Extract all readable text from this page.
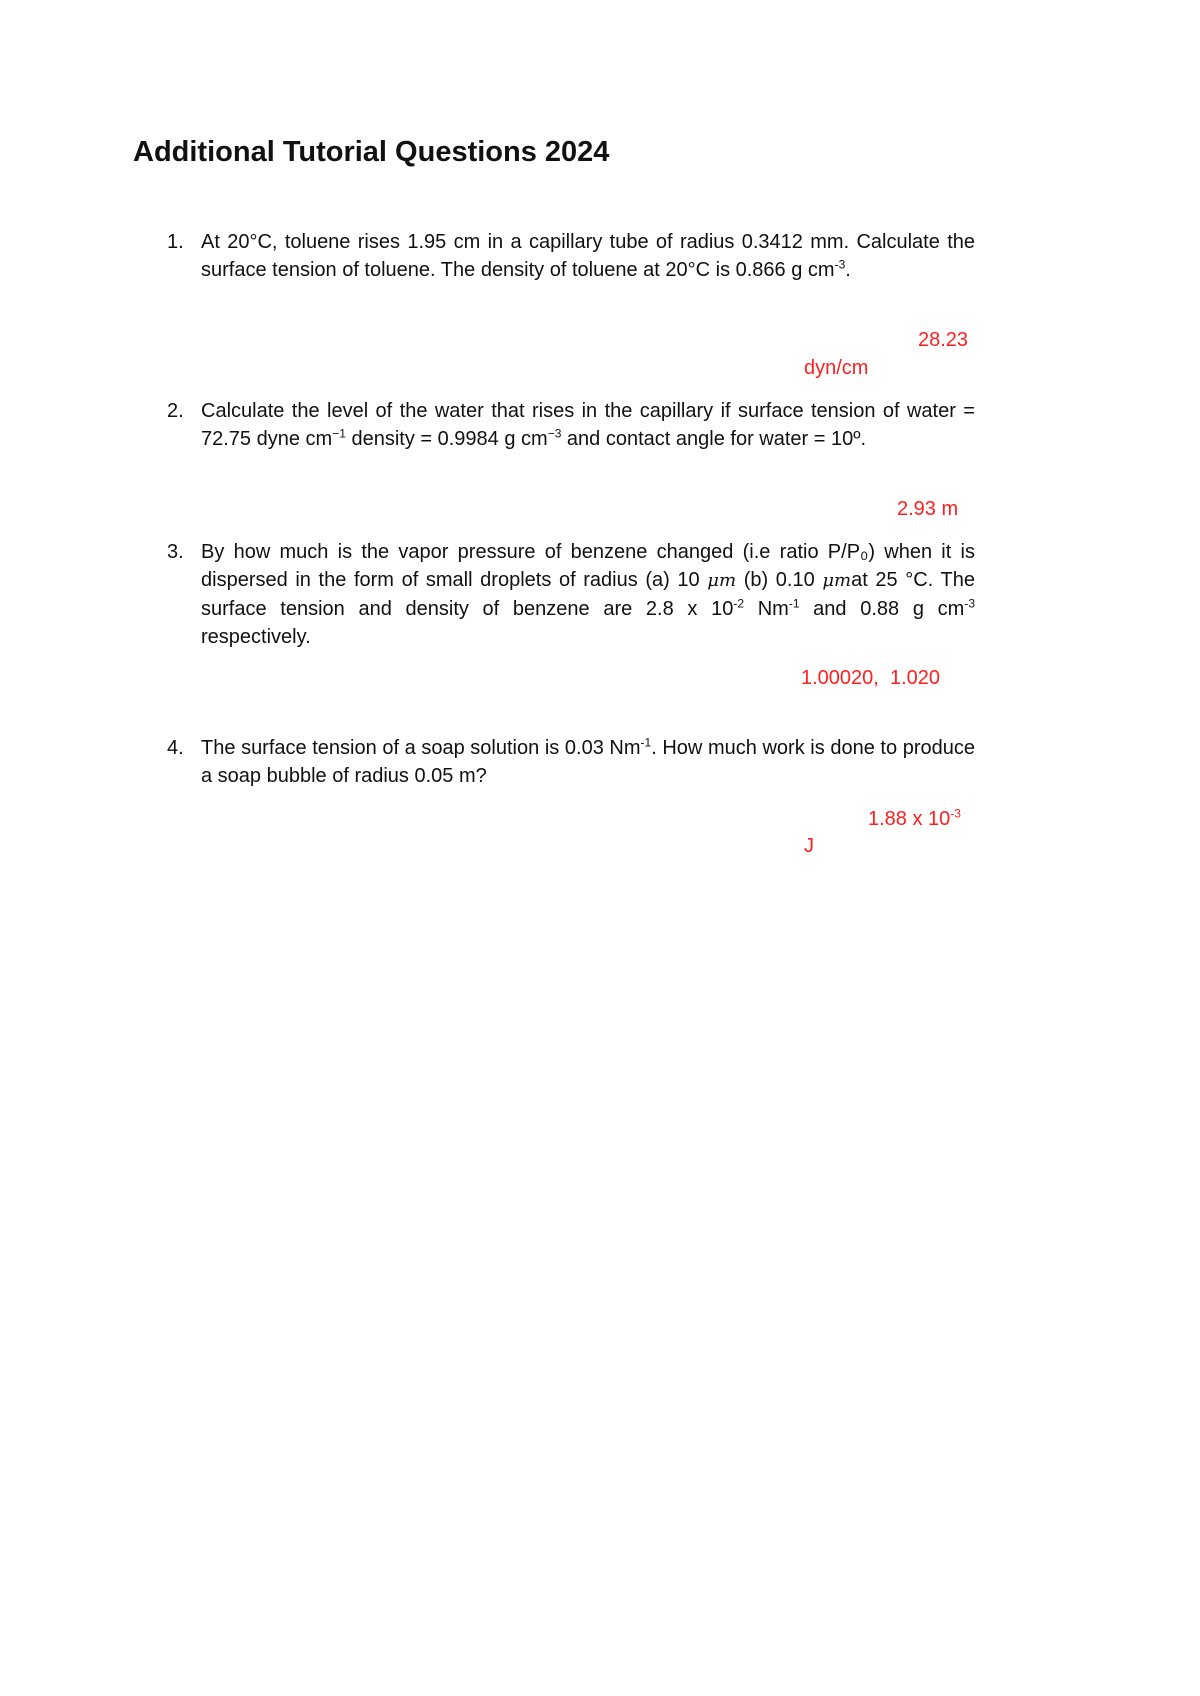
Additional Tutorial Questions 2024
1. At 20°C, toluene rises 1.95 cm in a capillary tube of radius 0.3412 mm. Calculate the surface tension of toluene. The density of toluene at 20°C is 0.866 g $cm^{-3}$.
28.23
dyn/cm
2. Calculate the level of the water that rises in the capillary if surface tension of water = 72.75 dyne $cm^{-1}$ density = 0.9984 g $cm^{-3}$ and contact angle for water = 10º.
2.93 m
3. By how much is the vapor pressure of benzene changed (i.e ratio P/P₀) when it is dispersed in the form of small droplets of radius (a) 10 μm (b) 0.10 μmat 25 °C. The surface tension and density of benzene are 2.8 x $10^{-2}$ $Nm^{-1}$ and 0.88 g $cm^{-3}$ respectively.
1.00020,  1.020
4. The surface tension of a soap solution is 0.03 $Nm^{-1}$. How much work is done to produce a soap bubble of radius 0.05 m?
1.88 x $10^{-3}$
J
